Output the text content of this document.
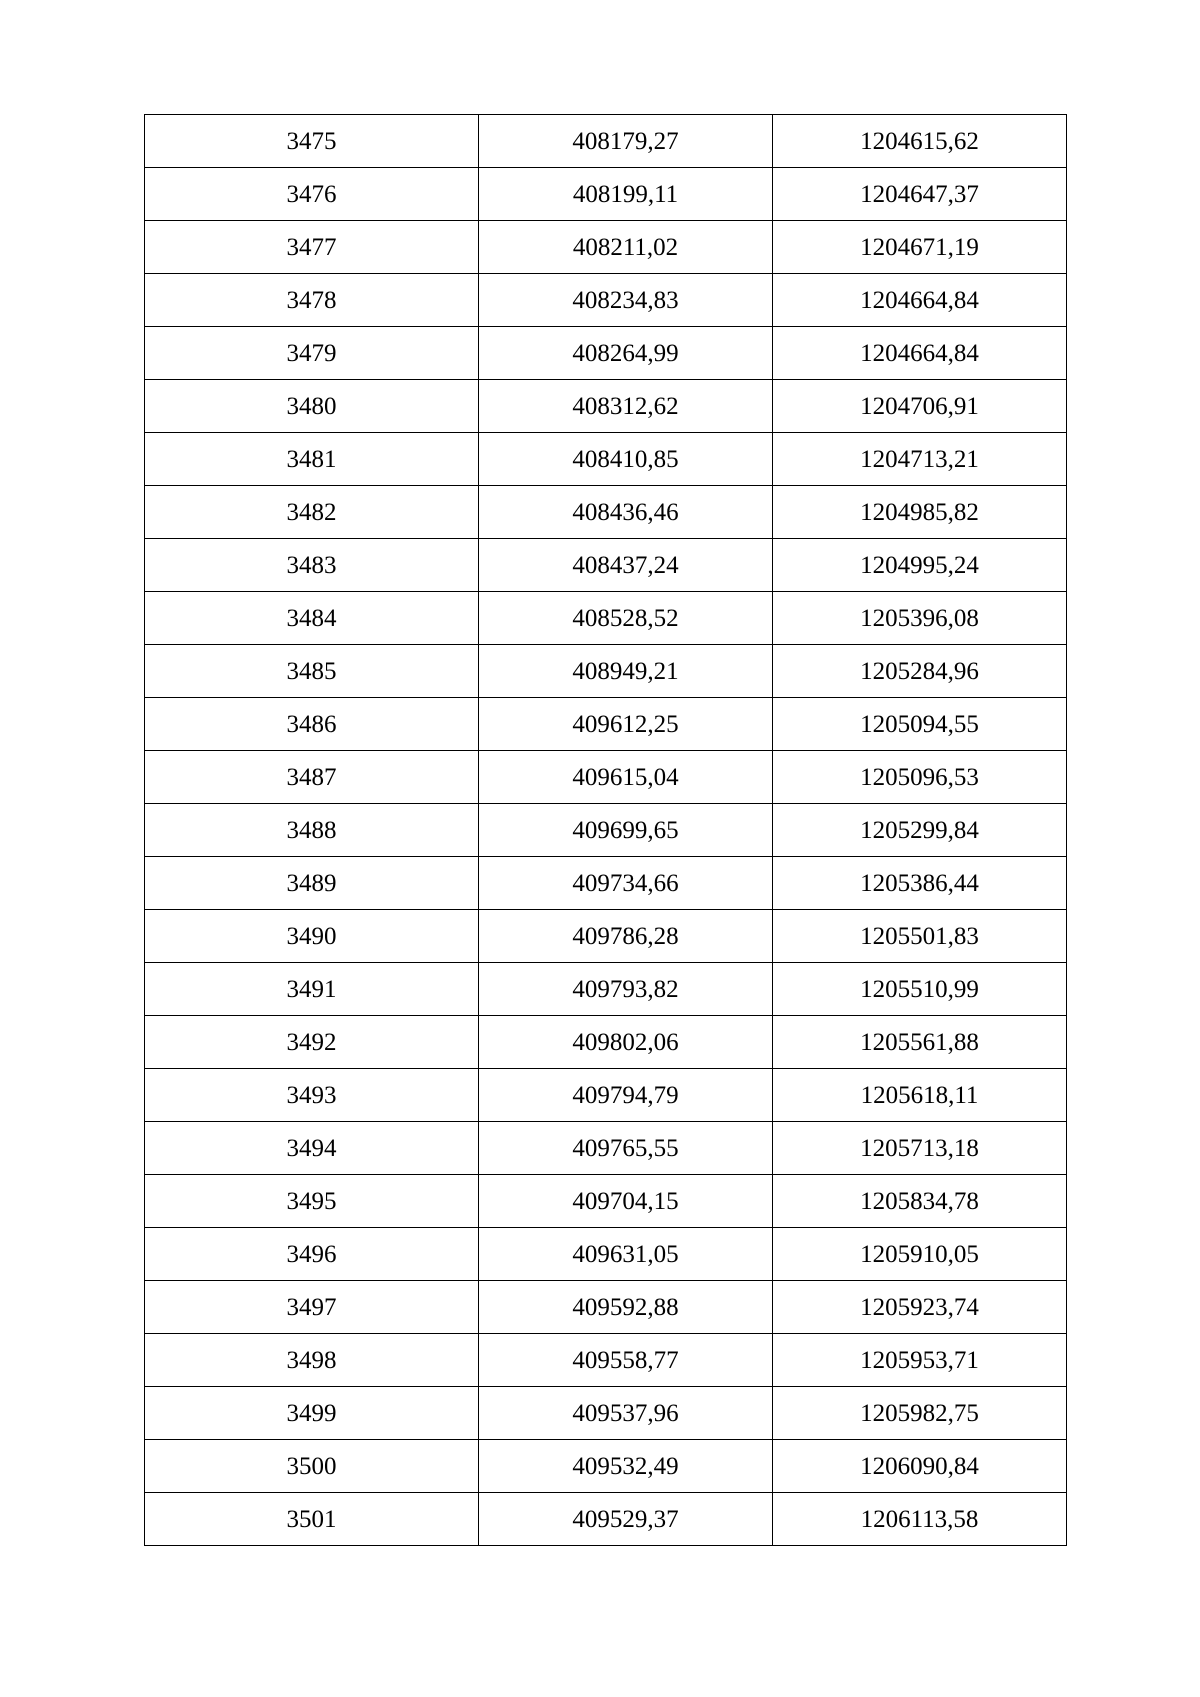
3475	408179,27	1204615,62
3476	408199,11	1204647,37
3477	408211,02	1204671,19
3478	408234,83	1204664,84
3479	408264,99	1204664,84
3480	408312,62	1204706,91
3481	408410,85	1204713,21
3482	408436,46	1204985,82
3483	408437,24	1204995,24
3484	408528,52	1205396,08
3485	408949,21	1205284,96
3486	409612,25	1205094,55
3487	409615,04	1205096,53
3488	409699,65	1205299,84
3489	409734,66	1205386,44
3490	409786,28	1205501,83
3491	409793,82	1205510,99
3492	409802,06	1205561,88
3493	409794,79	1205618,11
3494	409765,55	1205713,18
3495	409704,15	1205834,78
3496	409631,05	1205910,05
3497	409592,88	1205923,74
3498	409558,77	1205953,71
3499	409537,96	1205982,75
3500	409532,49	1206090,84
3501	409529,37	1206113,58
